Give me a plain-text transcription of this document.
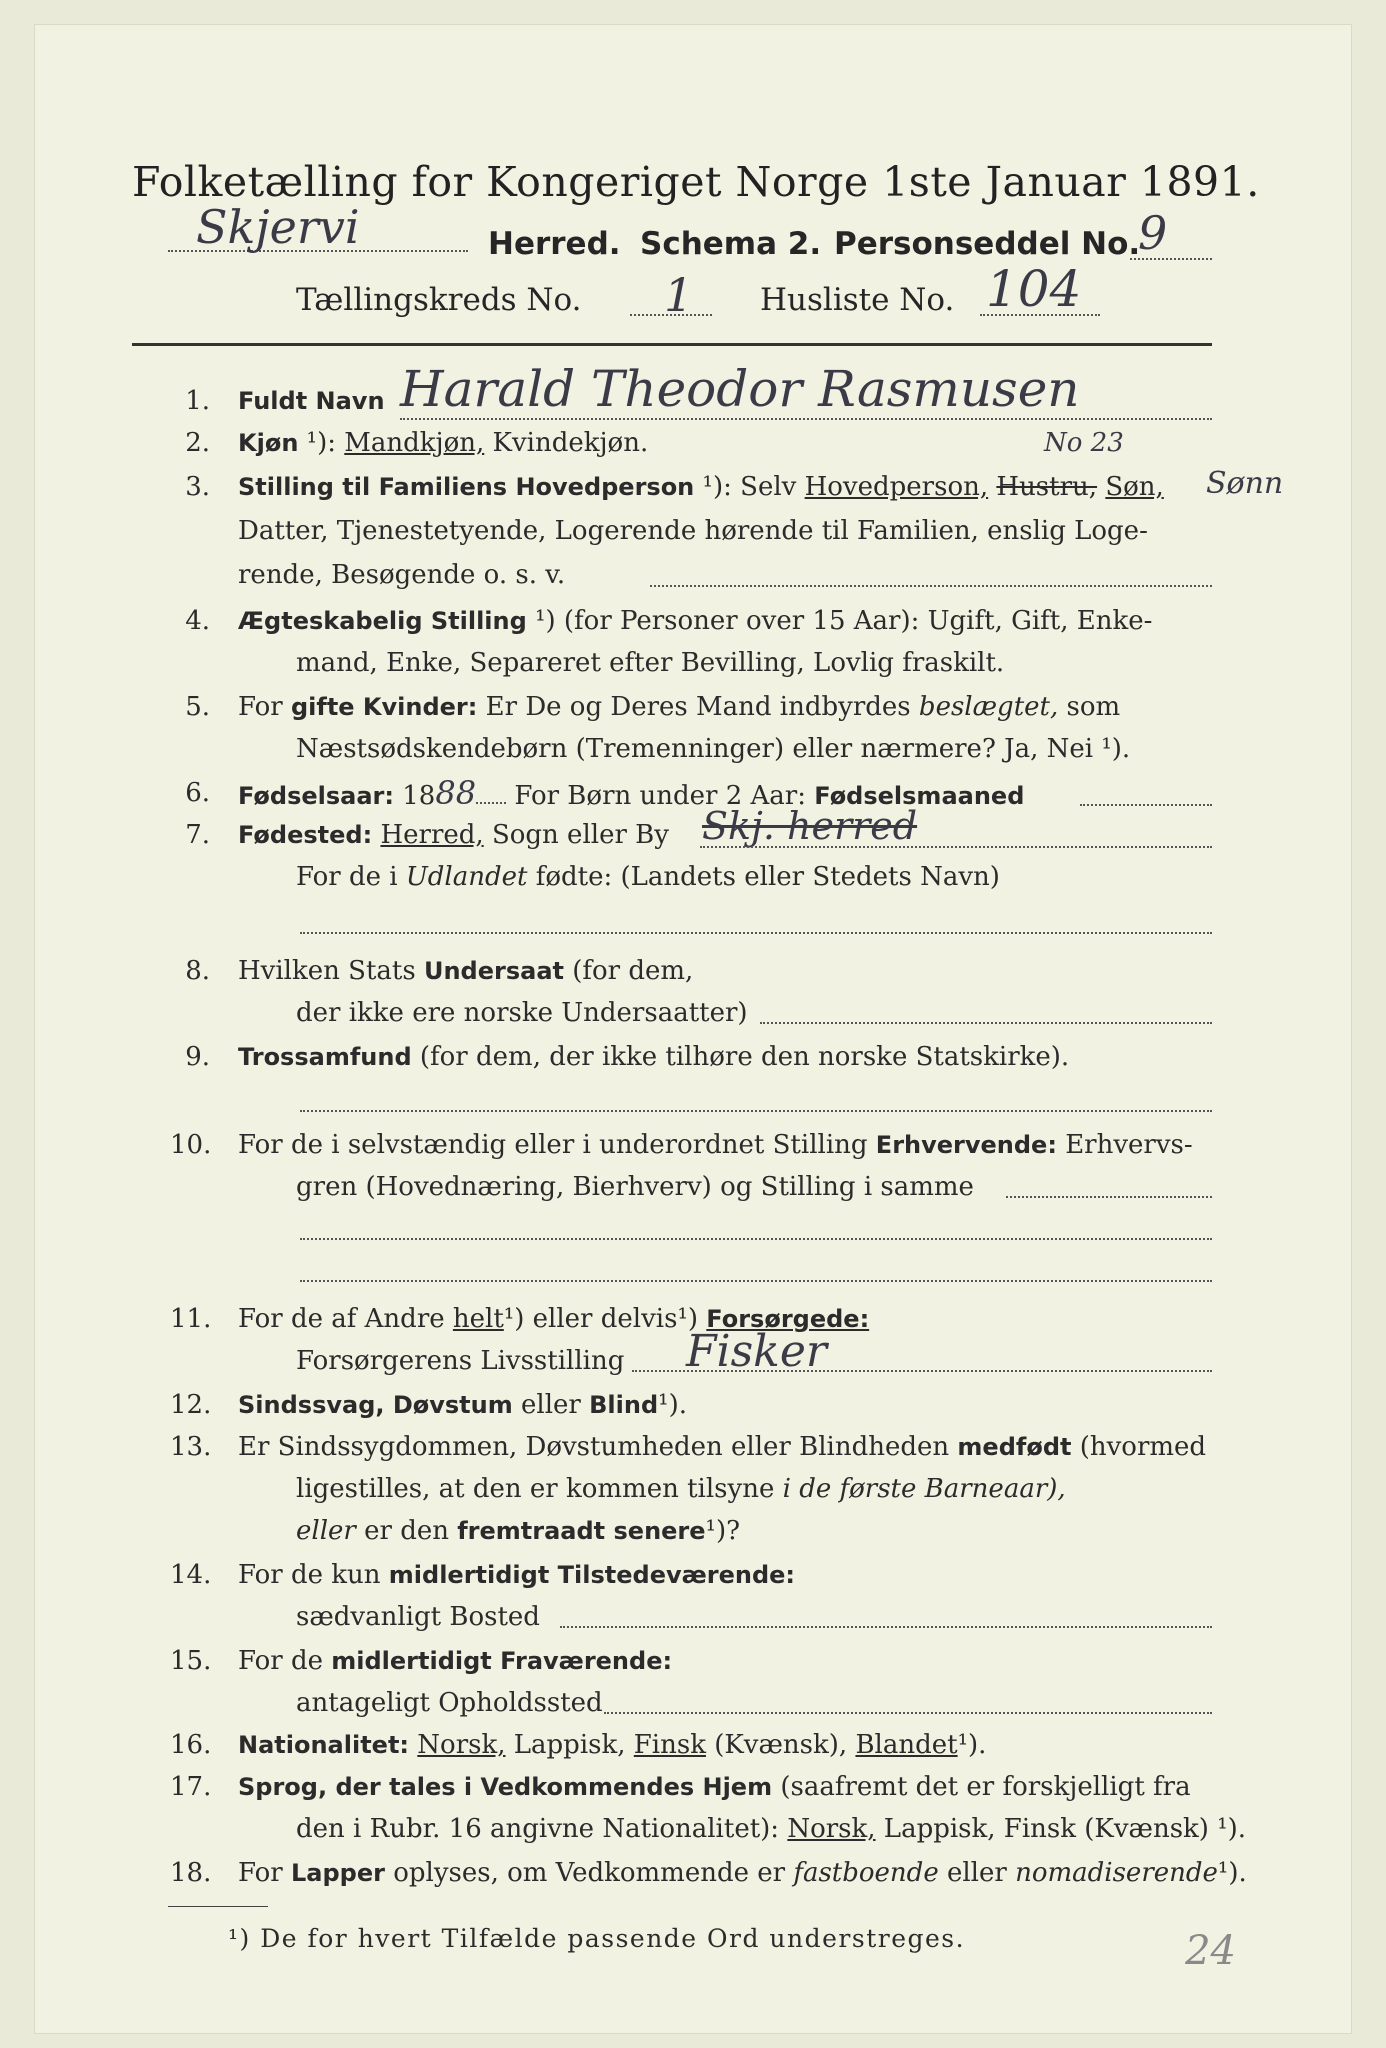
Folketælling for Kongeriget Norge 1ste Januar 1891.
Skjervi	Herred. Schema 2. Personseddel No.
9
Tællingskreds No. 1 Husliste No. 104
1. Fuldt Navn Harald Theodor Rasmusen
2. Kjøn ¹): Mandkjøn, Kvindekjøn.	No 23
3. Stilling til Familiens Hovedperson ¹): Selv Hovedperson, Hustru, Søn, Sønn
Datter, Tjenestetyende, Logerende hørende til Familien, enslig Loge-
rende, Besøgende o. s. v.
4. Ægteskabelig Stilling ¹) (for Personer over 15 Aar): Ugift, Gift, Enke-
mand, Enke, Separeret efter Bevilling, Lovlig fraskilt.
5. For gifte Kvinder: Er De og Deres Mand indbyrdes beslægtet, som
Næstsødskendebørn (Tremenninger) eller nærmere? Ja, Nei ¹).
6. Fødselsaar: 1888 For Børn under 2 Aar: Fødselsmaaned
7. Fødested: Herred, Sogn eller By Skj. herred
For de i Udlandet fødte: (Landets eller Stedets Navn)
8. Hvilken Stats Undersaat (for dem,
der ikke ere norske Undersaatter)
9. Trossamfund (for dem, der ikke tilhøre den norske Statskirke).
10. For de i selvstændig eller i underordnet Stilling Erhvervende: Erhvervs-
gren (Hovednæring, Bierhverv) og Stilling i samme
11. For de af Andre helt¹) eller delvis¹) Forsørgede:
Forsørgerens Livsstilling Fisker
12. Sindssvag, Døvstum eller Blind¹).
13. Er Sindssygdommen, Døvstumheden eller Blindheden medfødt (hvormed
ligestilles, at den er kommen tilsyne i de første Barneaar),
eller er den fremtraadt senere¹)?
14. For de kun midlertidigt Tilstedeværende:
sædvanligt Bosted
15. For de midlertidigt Fraværende:
antageligt Opholdssted
16. Nationalitet: Norsk, Lappisk, Finsk (Kvænsk), Blandet¹).
17. Sprog, der tales i Vedkommendes Hjem (saafremt det er forskjelligt fra
den i Rubr. 16 angivne Nationalitet): Norsk, Lappisk, Finsk (Kvænsk) ¹).
18. For Lapper oplyses, om Vedkommende er fastboende eller nomadiserende¹).
¹) De for hvert Tilfælde passende Ord understreges.	24
